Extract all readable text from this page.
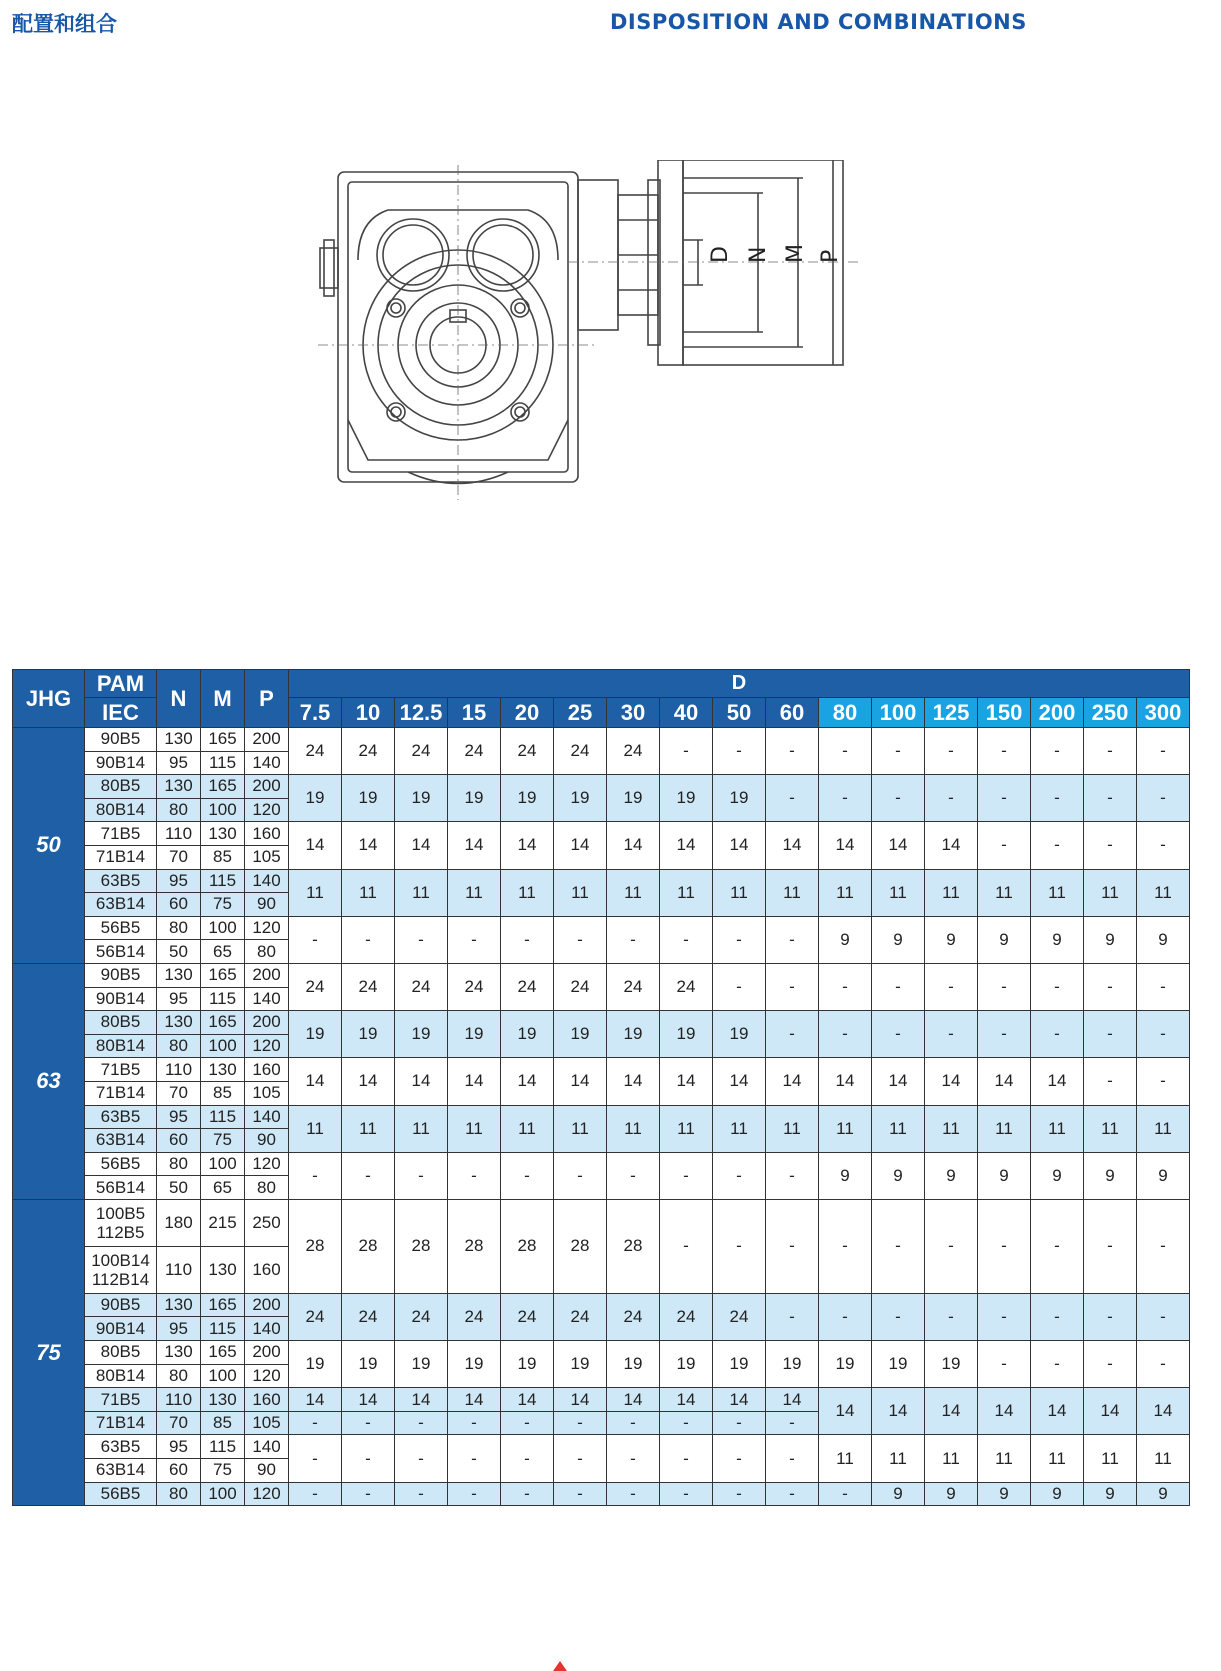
配置和组合	DISPOSITION AND COMBINATIONS
D N M P
JHG	PAM	N	M	P	D																
	IEC				7.5	10	12.5	15	20	25	30	40	50	60	80	100	125	150	200	250	300
50	90B5	130	165	200	24	24	24	24	24	24	24	-	-	-	-	-	-	-	-	-	-
	90B14	95	115	140																	
	80B5	130	165	200	19	19	19	19	19	19	19	19	19	-	-	-	-	-	-	-	-
	80B14	80	100	120																	
	71B5	110	130	160	14	14	14	14	14	14	14	14	14	14	14	14	14	-	-	-	-
	71B14	70	85	105																	
	63B5	95	115	140	11	11	11	11	11	11	11	11	11	11	11	11	11	11	11	11	11
	63B14	60	75	90																	
	56B5	80	100	120	-	-	-	-	-	-	-	-	-	-	9	9	9	9	9	9	9
	56B14	50	65	80																	
63	90B5	130	165	200	24	24	24	24	24	24	24	24	-	-	-	-	-	-	-	-	-
	90B14	95	115	140																	
	80B5	130	165	200	19	19	19	19	19	19	19	19	19	-	-	-	-	-	-	-	-
	80B14	80	100	120																	
	71B5	110	130	160	14	14	14	14	14	14	14	14	14	14	14	14	14	14	14	-	-
	71B14	70	85	105																	
	63B5	95	115	140	11	11	11	11	11	11	11	11	11	11	11	11	11	11	11	11	11
	63B14	60	75	90																	
	56B5	80	100	120	-	-	-	-	-	-	-	-	-	-	9	9	9	9	9	9	9
	56B14	50	65	80																	
75	100B5
112B5	180	215	250	28	28	28	28	28	28	28	-	-	-	-	-	-	-	-	-	-
	100B14
112B14	110	130	160																	
	90B5	130	165	200	24	24	24	24	24	24	24	24	24	-	-	-	-	-	-	-	-
	90B14	95	115	140																	
	80B5	130	165	200	19	19	19	19	19	19	19	19	19	19	19	19	19	-	-	-	-
	80B14	80	100	120																	
	71B5	110	130	160	14	14	14	14	14	14	14	14	14	14	14	14	14	14	14	14	14
	71B14	70	85	105	-	-	-	-	-	-	-	-	-	-							
	63B5	95	115	140	-	-	-	-	-	-	-	-	-	-	11	11	11	11	11	11	11
	63B14	60	75	90																	
	56B5	80	100	120	-	-	-	-	-	-	-	-	-	-	-	9	9	9	9	9	9
